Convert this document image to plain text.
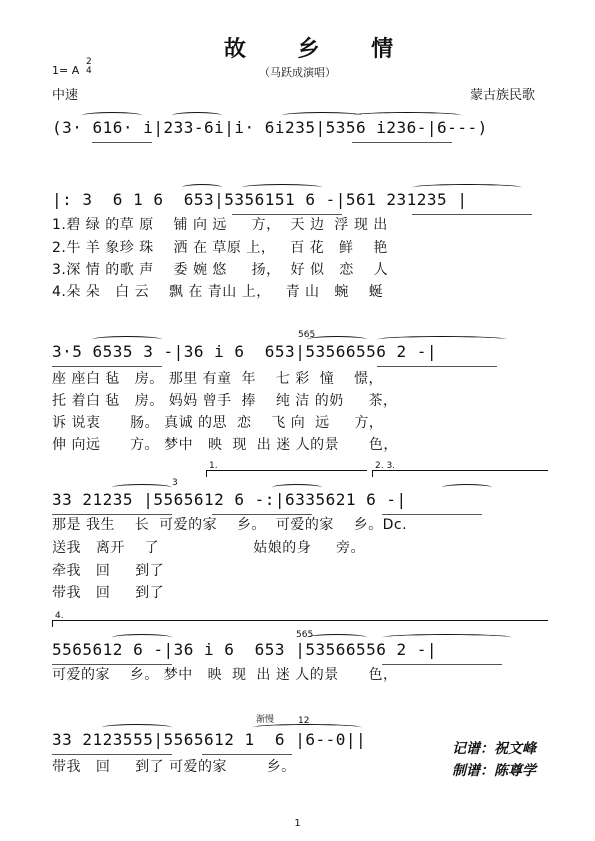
故 乡 情
1= A
2
4	（马跃成演唱）
中速	蒙古族民歌
(3· 616· i|233-6i|i· 6i235|5356 i236-|6---)
|: 3  6 1 6  653|5356151 6 -|561 231235 |
1.碧 绿 的草 原    铺 向 远     方，  天 边  浮 现 出
2.牛 羊 象珍 珠    洒 在 草原 上，   百 花   鲜    艳
3.深 情 的歌 声    委 婉 悠     扬，  好 似   恋    人
4.朵 朵   白 云    飘 在 青山 上，   青 山   蜿    蜒
565
3·5 6535 3 -|36 i 6  653|53566556 2 -|
座 座白 毡   房。 那里 有童  年    七 彩  憧    憬，
托 着白 毡   房。 妈妈 曾手  捧    纯 洁 的奶     茶，
诉 说衷      肠。 真诚 的思  恋    飞 向  远     方，
伸 向远      方。 梦中   映  现  出 迷 人的景      色，
1.	2. 3.
3
33 21235 |5565612 6 -:|6335621 6 -|
那是 我生    长  可爱的家    乡。  可爱的家    乡。Dc.
送我   离开    了                   姑娘的身     旁。
牵我   回     到了
带我   回     到了
4.
565
5565612 6 -|36 i 6  653 |53566556 2 -|
可爱的家    乡。 梦中   映  现  出 迷 人的景      色，
渐慢	12
33 2123555|5565612 1  6 |6--0||
带我   回     到了 可爱的家        乡。
记谱：祝文峰
制谱：陈尊学
1
